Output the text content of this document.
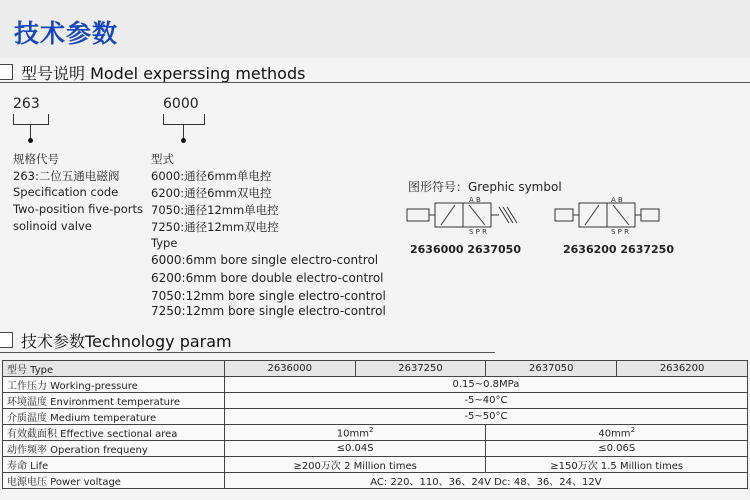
技术参数
型号说明 Model experssing methods
263	6000
规格代号
263:二位五通电磁阀
Specification code
Two-position five-ports
solinoid valve
型式
6000:通径6mm单电控
6200:通径6mm双电控
7050:通径12mm单电控
7250:通径12mm双电控
Type
6000:6mm bore single electro-control
6200:6mm bore double electro-control
7050:12mm bore single electro-control
7250:12mm bore single electro-control
图形符号：Grephic symbol
A B
S P R
2636000 2637050
A B
S P R
2636200 2637250
技术参数Technology param
型号 Type	2636000	2637250	2637050	2636200
工作压力 Working-pressure	0.15~0.8MPa			
环境温度 Environment temperature	-5~40°C			
介质温度 Medium temperature	-5~50°C			
有效截面积 Effective sectional area	$10mm^2$		$40mm^2$
动作频率 Operation frequeny	≤0.04S		≤0.06S	
寿命 Life	≥200万次 2 Million times		≥150万次 1.5 Million times	
电源电压 Power voltage	AC: 220、110、36、24V Dc: 48、36、24、12V			
